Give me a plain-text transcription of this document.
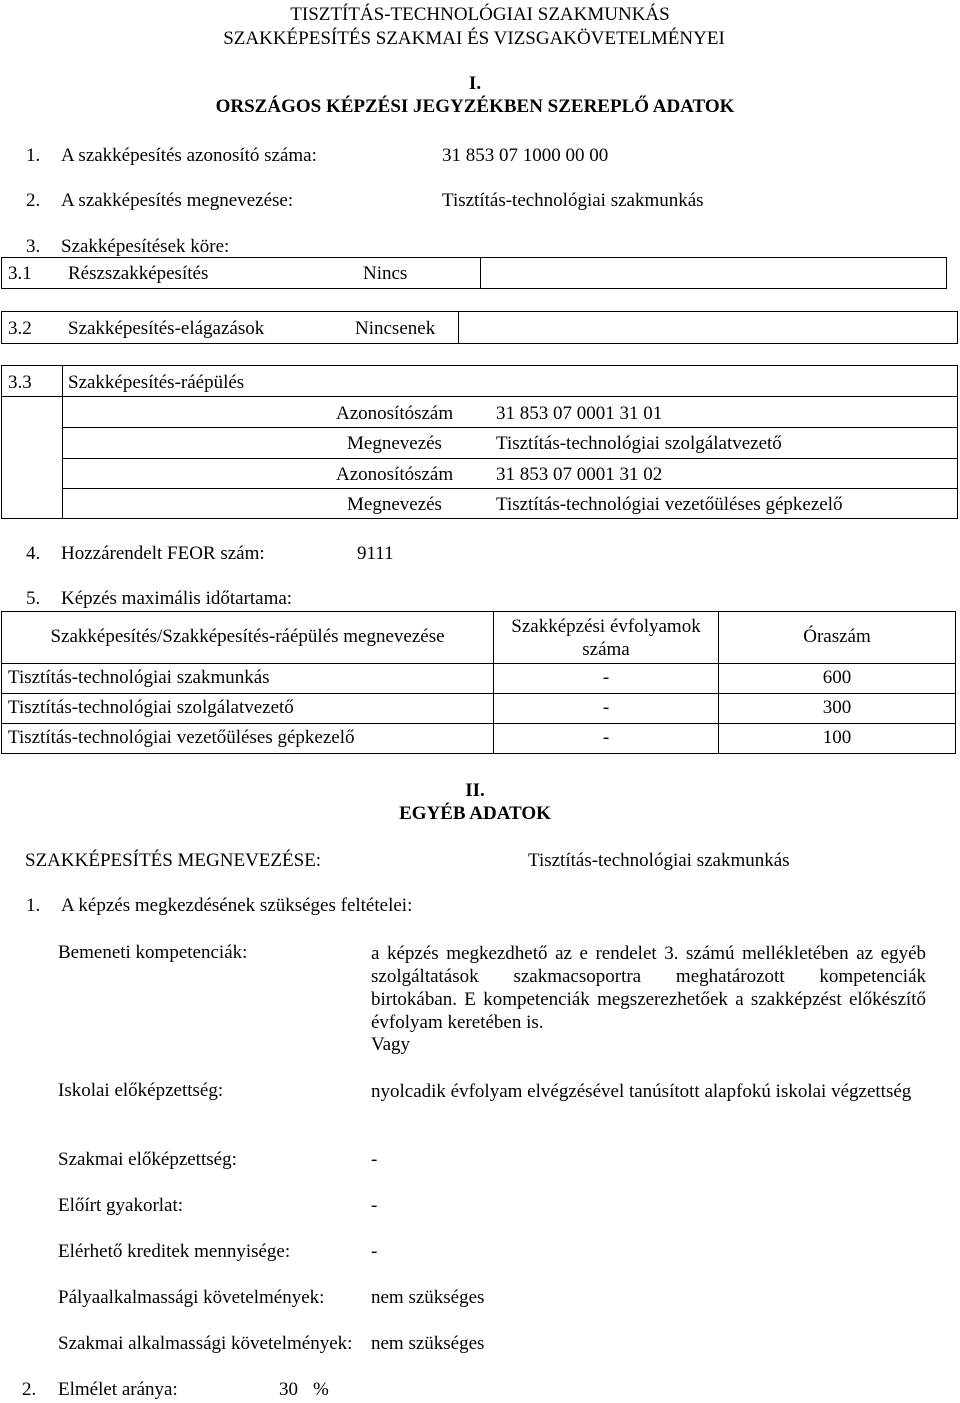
TISZTÍTÁS-TECHNOLÓGIAI SZAKMUNKÁS
SZAKKÉPESÍTÉS SZAKMAI ÉS VIZSGAKÖVETELMÉNYEI
I.
ORSZÁGOS KÉPZÉSI JEGYZÉKBEN SZEREPLŐ ADATOK
1. A szakképesítés azonosító száma:	31 853 07 1000 00 00
2. A szakképesítés megnevezése:	Tisztítás-technológiai szakmunkás
3. Szakképesítések köre:
3.1 Részszakképesítés	Nincs
3.2 Szakképesítés-elágazások	Nincsenek
3.3 Szakképesítés-ráépülés
Azonosítószám 31 853 07 0001 31 01
Megnevezés	Tisztítás-technológiai szolgálatvezető
Azonosítószám 31 853 07 0001 31 02
Megnevezés	Tisztítás-technológiai vezetőüléses gépkezelő
4. Hozzárendelt FEOR szám:	9111
5. Képzés maximális időtartama:
Szakképesítés/Szakképesítés-ráépülés megnevezése	Szakképzési évfolyamok száma	Óraszám
Tisztítás-technológiai szakmunkás	-	600
Tisztítás-technológiai szolgálatvezető	-	300
Tisztítás-technológiai vezetőüléses gépkezelő	-	100
II.
EGYÉB ADATOK
SZAKKÉPESÍTÉS MEGNEVEZÉSE:	Tisztítás-technológiai szakmunkás
1. A képzés megkezdésének szükséges feltételei:
Bemeneti kompetenciák:	a képzés megkezdhető az e rendelet 3. számú mellékletében az egyéb szolgáltatások szakmacsoportra meghatározott kompetenciák birtokában. E kompetenciák megszerezhetőek a szakképzést előkészítő évfolyam keretében is.
Vagy
Iskolai előképzettség:	nyolcadik évfolyam elvégzésével tanúsított alapfokú iskolai végzettség
Szakmai előképzettség:	-
Előírt gyakorlat:	-
Elérhető kreditek mennyisége:	-
Pályaalkalmassági követelmények: nem szükséges
Szakmai alkalmassági követelmények: nem szükséges
2. Elmélet aránya:	30 %
